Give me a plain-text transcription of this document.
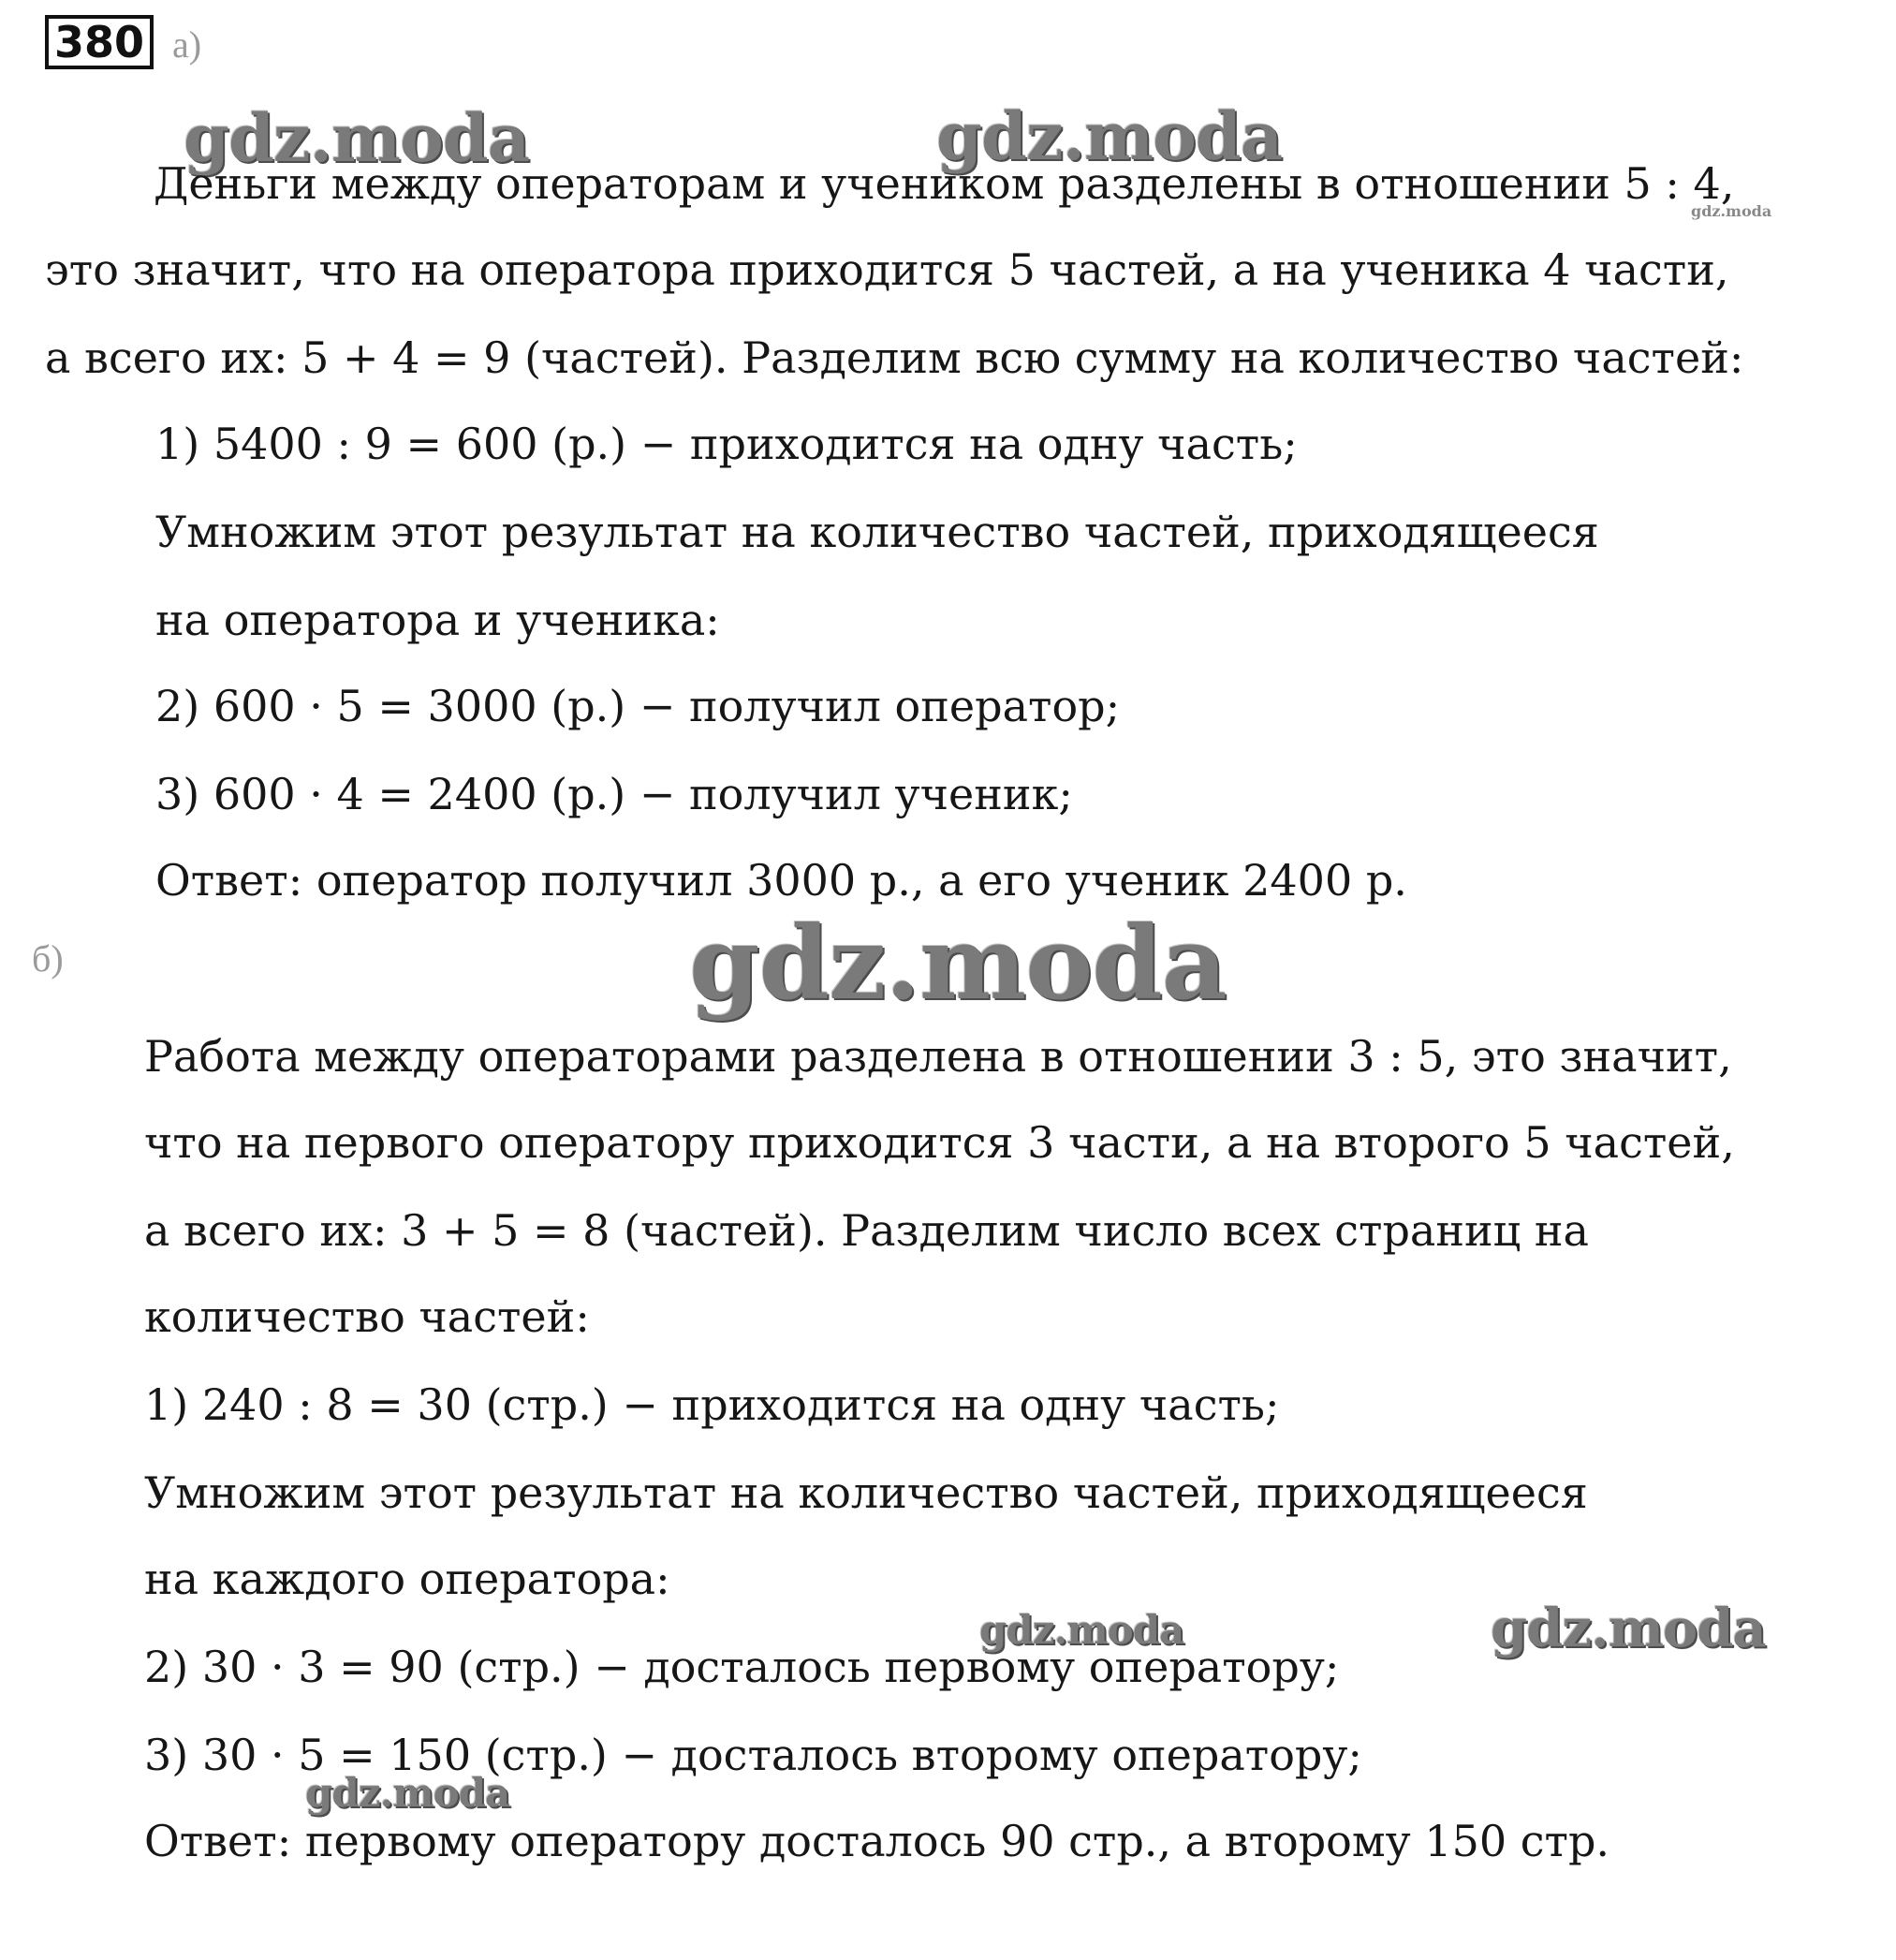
380 а)
gdz.moda	gdz.moda
gdz.moda
gdz.moda
gdz.moda	gdz.moda
gdz.moda
Деньги между операторам и учеником разделены в отношении 5 : 4,
это значит, что на оператора приходится 5 частей, а на ученика 4 части,
а всего их: 5 + 4 = 9 (частей). Разделим всю сумму на количество частей:
1) 5400 : 9 = 600 (р.) − приходится на одну часть;
Умножим этот результат на количество частей, приходящееся
на оператора и ученика:
2) 600 · 5 = 3000 (р.) − получил оператор;
3) 600 · 4 = 2400 (р.) − получил ученик;
Ответ: оператор получил 3000 р., а его ученик 2400 р.
б)
Работа между операторами разделена в отношении 3 : 5, это значит,
что на первого оператору приходится 3 части, а на второго 5 частей,
а всего их: 3 + 5 = 8 (частей). Разделим число всех страниц на
количество частей:
1) 240 : 8 = 30 (стр.) − приходится на одну часть;
Умножим этот результат на количество частей, приходящееся
на каждого оператора:
2) 30 · 3 = 90 (стр.) − досталось первому оператору;
3) 30 · 5 = 150 (стр.) − досталось второму оператору;
Ответ: первому оператору досталось 90 стр., а второму 150 стр.
